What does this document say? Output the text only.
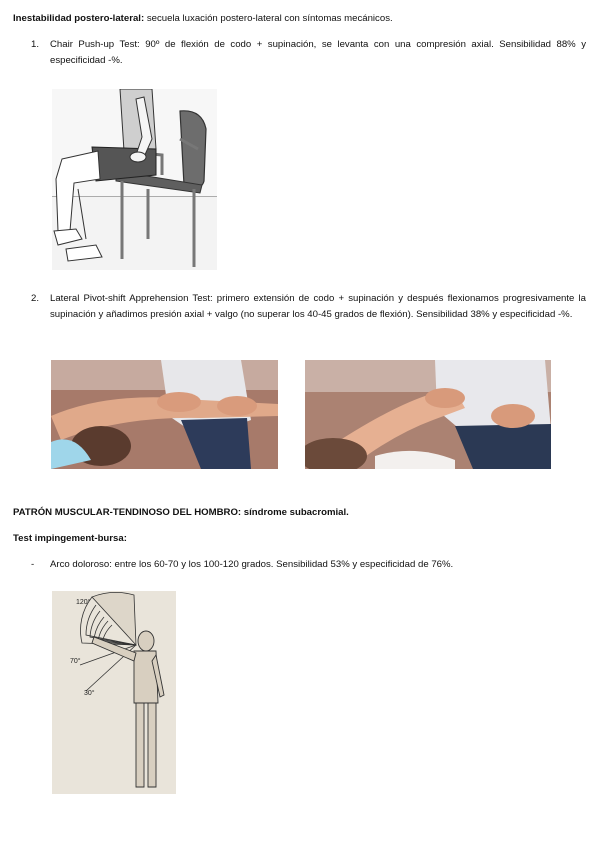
Inestabilidad postero-lateral: secuela luxación postero-lateral con síntomas mecánicos.

1. Chair Push-up Test: 90º de flexión de codo + supinación, se levanta con una compresión axial. Sensibilidad 88% y especificidad -%.

2. Lateral Pivot-shift Apprehension Test: primero extensión de codo + supinación y después flexionamos progresivamente la supinación y añadimos presión axial + valgo (no superar los 40-45 grados de flexión). Sensibilidad 38% y especificidad -%.

PATRÓN MUSCULAR-TENDINOSO DEL HOMBRO: síndrome subacromial.

Test impingement-bursa:

- Arco doloroso: entre los 60-70 y los 100-120 grados. Sensibilidad 53% y especificidad de 76%.

120°
70°
30°
